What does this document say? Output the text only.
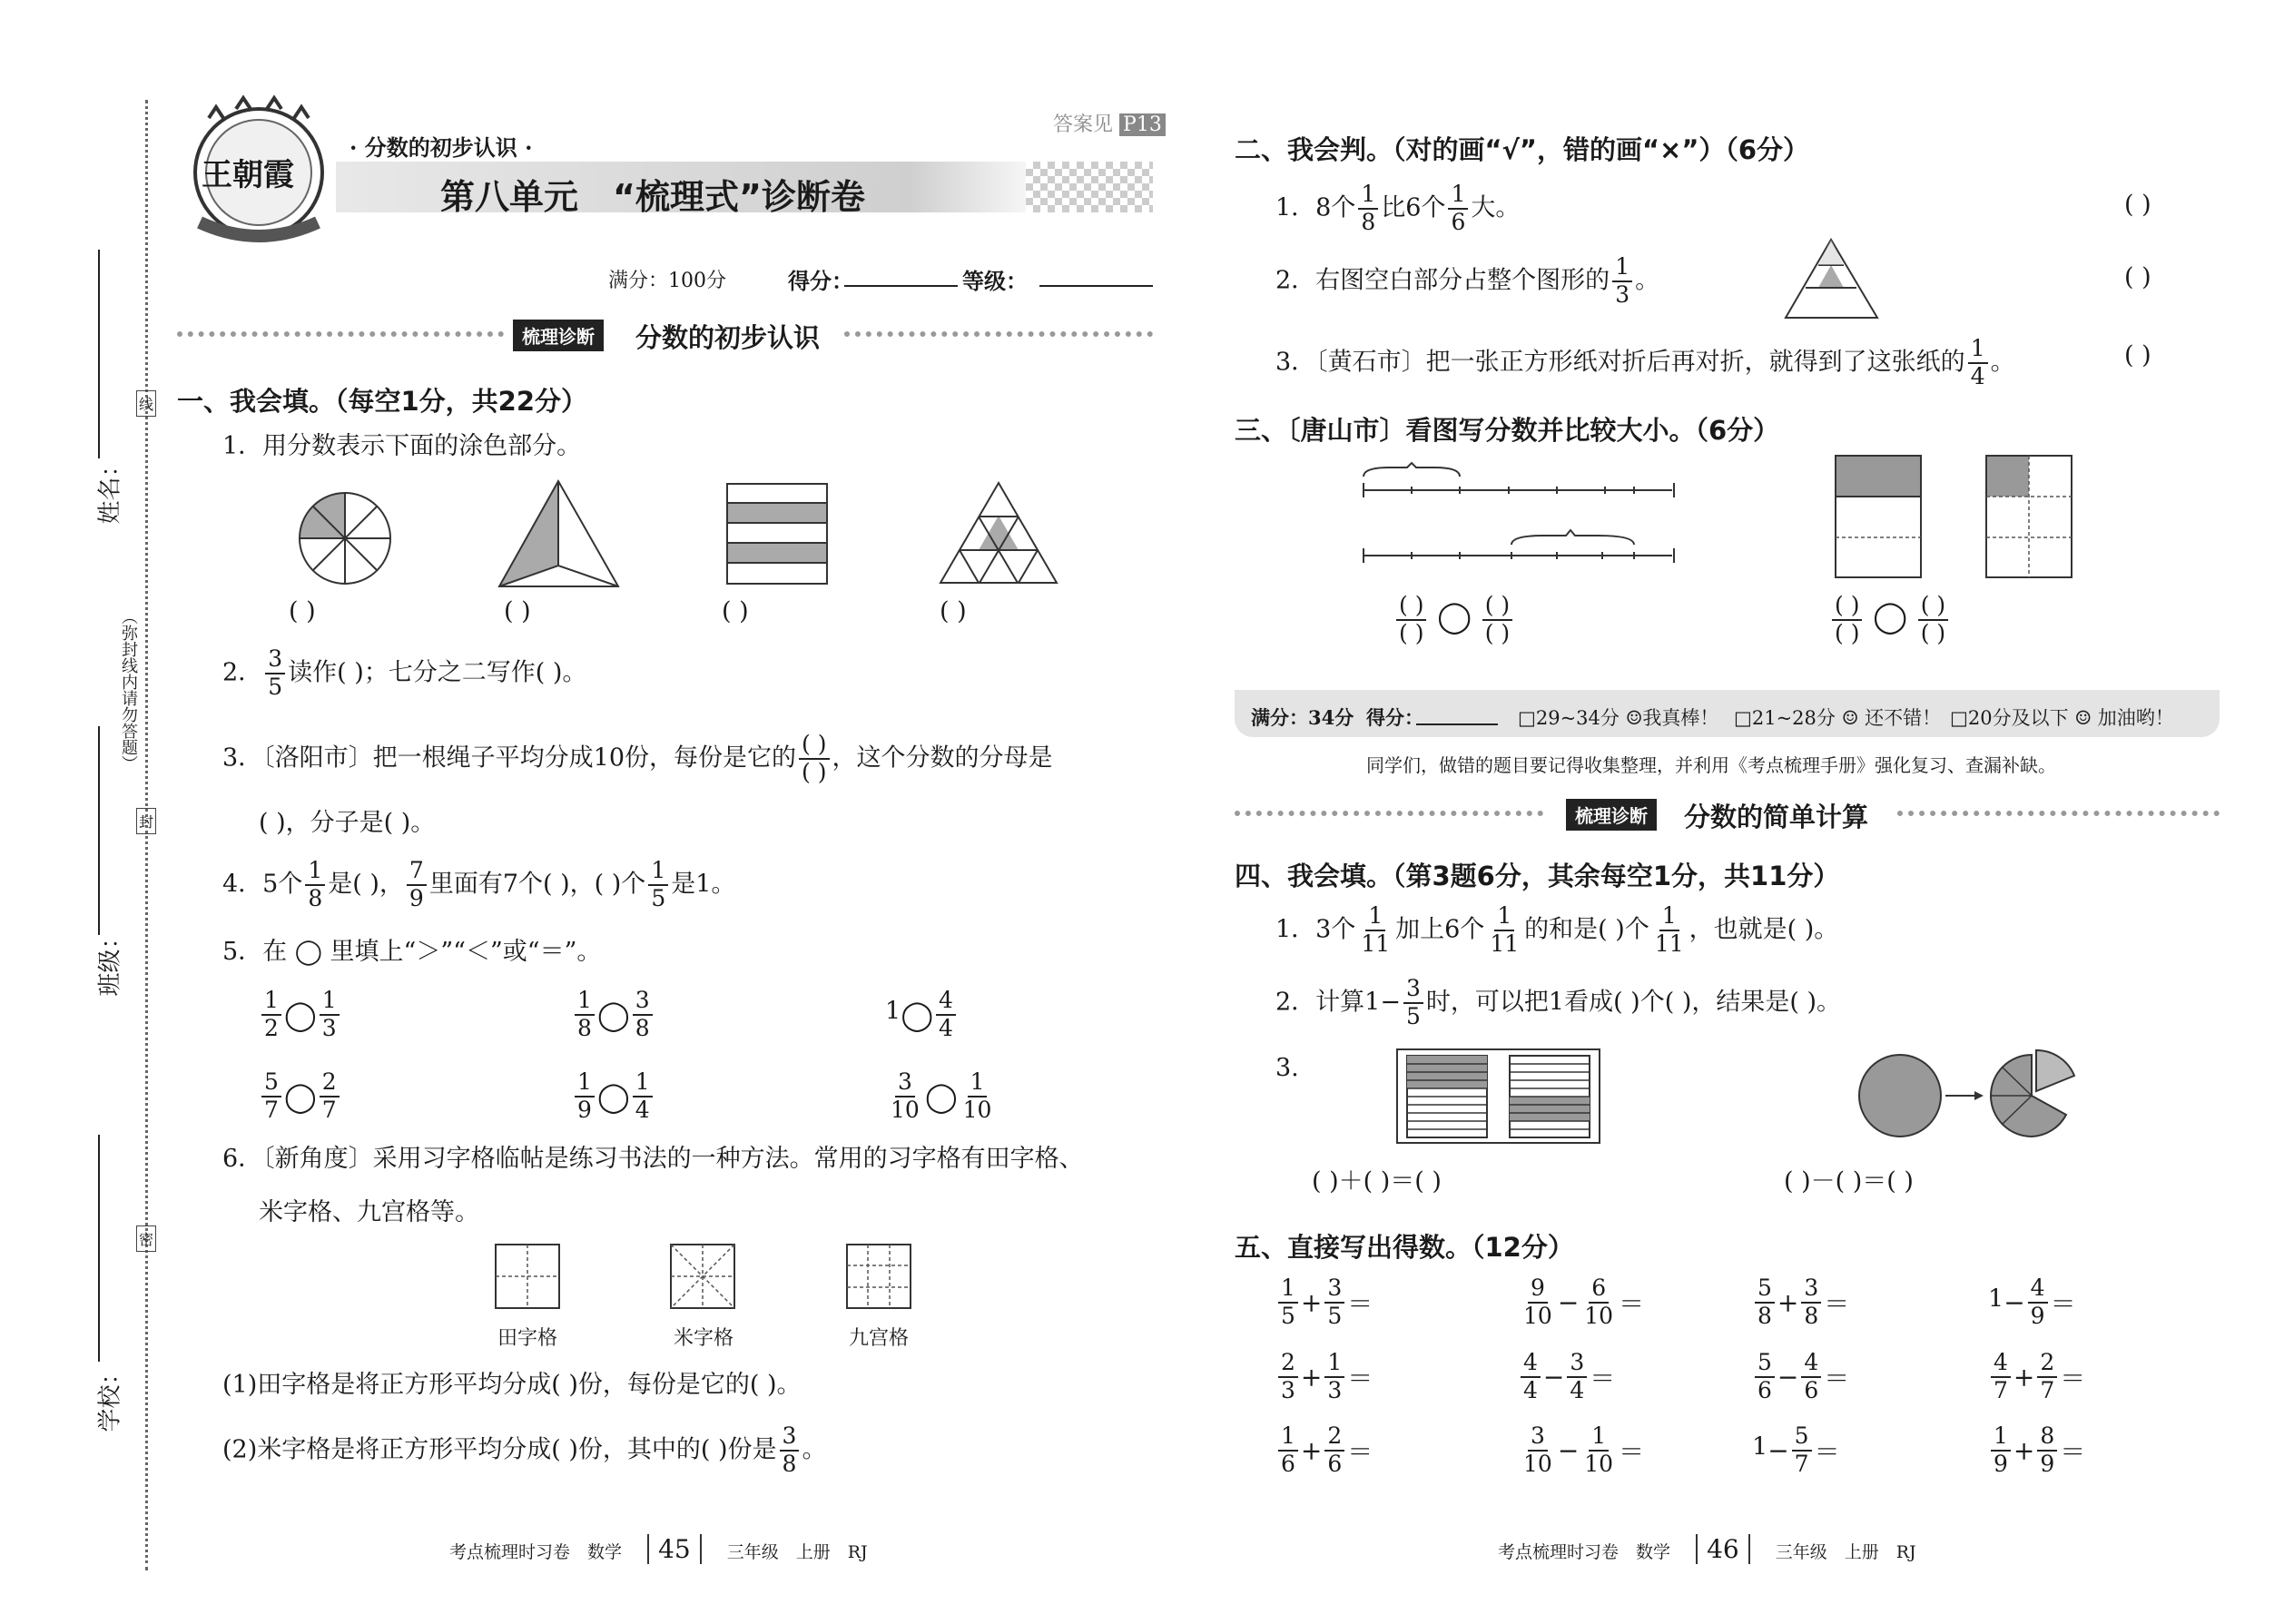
姓名：
班级：
学校：
（弥封线内请勿答题）
线
封
密
王朝霞
· 分数的初步认识 ·
第八单元　“梳理式”诊断卷
答案见 P13
满分：100分	得分：	等级：
梳理诊断	分数的初步认识
一、我会填。（每空1分，共22分）
1．用分数表示下面的涂色部分。
( )	( )	( )	( )
2． $\frac{3}{5}$ 读作( )；七分之二写作( )。
3．〔洛阳市〕把一根绳子平均分成10份，每份是它的 $\frac{( )}{( )}$ ，这个分数的分母是
( )，分子是( )。
4．5个 $\frac{1}{8}$ 是( )， $\frac{7}{9}$ 里面有7个( )，( )个 $\frac{1}{5}$ 是1。
5．在 ◯ 里填上“＞”“＜”或“＝”。
$\frac{1}{2}$ ◯ $\frac{1}{3}$	$\frac{1}{8}$ ◯ $\frac{3}{8}$	1◯ $\frac{4}{4}$
$\frac{5}{7}$ ◯ $\frac{2}{7}$	$\frac{1}{9}$ ◯ $\frac{1}{4}$	$\frac{3}{10}$ ◯ $\frac{1}{10}$
6．〔新角度〕采用习字格临帖是练习书法的一种方法。常用的习字格有田字格、
米字格、九宫格等。
田字格	米字格	九宫格
(1)田字格是将正方形平均分成( )份，每份是它的( )。
(2)米字格是将正方形平均分成( )份，其中的( )份是 $\frac{3}{8}$ 。
考点梳理时习卷　数学 45 三年级　上册　RJ
二、我会判。（对的画“√”，错的画“×”）（6分）
1．8个 $\frac{1}{8}$ 比6个 $\frac{1}{6}$ 大。	( )
2．右图空白部分占整个图形的 $\frac{1}{3}$ 。	( )
3．〔黄石市〕把一张正方形纸对折后再对折，就得到了这张纸的 $\frac{1}{4}$ 。	( )
三、〔唐山市〕看图写分数并比较大小。（6分）
$\frac{( )}{( )}$ ◯ $\frac{( )}{( )}$	$\frac{( )}{( )}$ ◯ $\frac{( )}{( )}$
满分：34分 得分：	□29~34分 ☺我真棒！ □21~28分 ☺ 还不错！ □20分及以下 ☺ 加油哟！
同学们，做错的题目要记得收集整理，并利用《考点梳理手册》强化复习、查漏补缺。
梳理诊断	分数的简单计算
四、我会填。（第3题6分，其余每空1分，共11分）
1．3个 $\frac{1}{11}$ 加上6个 $\frac{1}{11}$ 的和是( )个 $\frac{1}{11}$ ，也就是( )。
2．计算$1- \frac{3}{5}$ 时，可以把1看成( )个( )，结果是( )。
3.
( )＋( )＝( )	( )－( )＝( )
五、直接写出得数。（12分）
$\frac{1}{5} + \frac{3}{5}$ ＝	$\frac{9}{10} - \frac{6}{10}$ ＝	$\frac{5}{8} + \frac{3}{8}$ ＝	$1- \frac{4}{9}$ ＝
$\frac{2}{3} + \frac{1}{3}$ ＝	$\frac{4}{4} - \frac{3}{4}$ ＝	$\frac{5}{6} - \frac{4}{6}$ ＝	$\frac{4}{7} + \frac{2}{7}$ ＝
$\frac{1}{6} + \frac{2}{6}$ ＝	$\frac{3}{10} - \frac{1}{10}$ ＝	$1- \frac{5}{7}$ ＝	$\frac{1}{9} + \frac{8}{9}$ ＝
考点梳理时习卷　数学 46 三年级　上册　RJ
